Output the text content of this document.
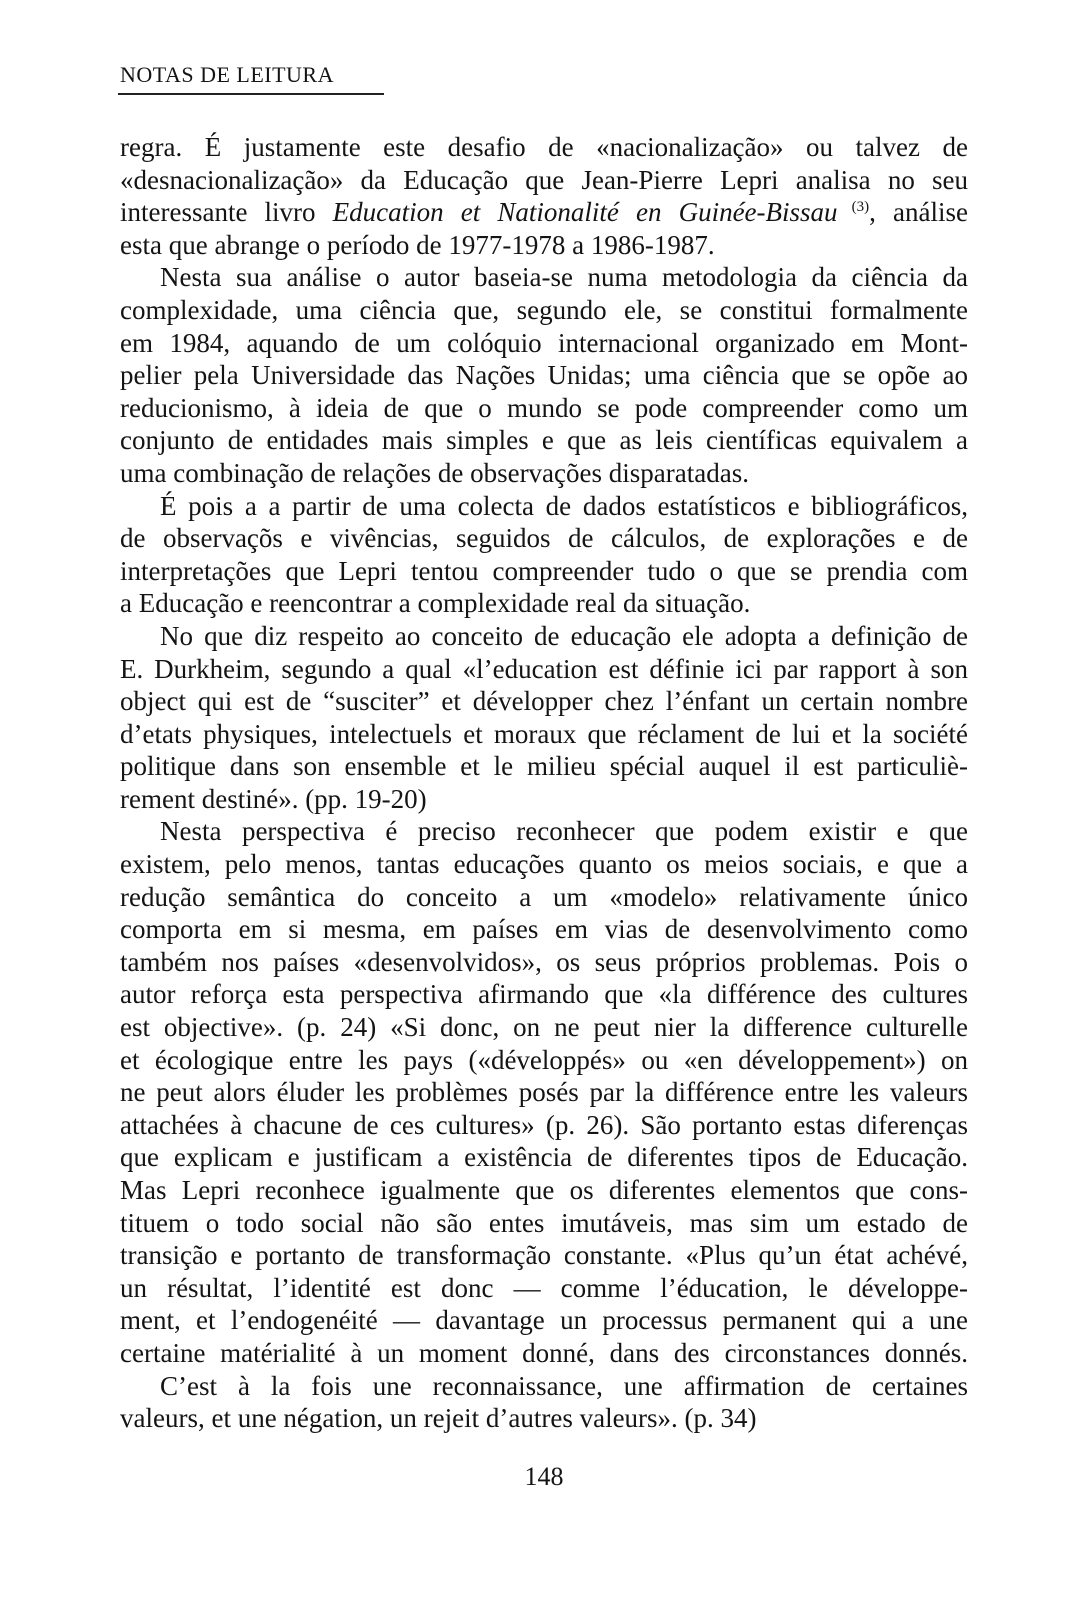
NOTAS DE LEITURA
regra. É justamente este desafio de «nacionalização» ou talvez de
«desnacionalização» da Educação que Jean-Pierre Lepri analisa no seu
interessante livro Education et Nationalité en Guinée-Bissau $^{(3)}$, análise
esta que abrange o período de 1977-1978 a 1986-1987.
Nesta sua análise o autor baseia-se numa metodologia da ciência da
complexidade, uma ciência que, segundo ele, se constitui formalmente
em 1984, aquando de um colóquio internacional organizado em Mont-
pelier pela Universidade das Nações Unidas; uma ciência que se opõe ao
reducionismo, à ideia de que o mundo se pode compreender como um
conjunto de entidades mais simples e que as leis científicas equivalem a
uma combinação de relações de observações disparatadas.
É pois a a partir de uma colecta de dados estatísticos e bibliográficos,
de observaçõs e vivências, seguidos de cálculos, de explorações e de
interpretações que Lepri tentou compreender tudo o que se prendia com
a Educação e reencontrar a complexidade real da situação.
No que diz respeito ao conceito de educação ele adopta a definição de
E. Durkheim, segundo a qual «l’education est définie ici par rapport à son
object qui est de “susciter” et développer chez l’énfant un certain nombre
d’etats physiques, intelectuels et moraux que réclament de lui et la société
politique dans son ensemble et le milieu spécial auquel il est particuliè-
rement destiné». (pp. 19-20)
Nesta perspectiva é preciso reconhecer que podem existir e que
existem, pelo menos, tantas educações quanto os meios sociais, e que a
redução semântica do conceito a um «modelo» relativamente único
comporta em si mesma, em países em vias de desenvolvimento como
também nos países «desenvolvidos», os seus próprios problemas. Pois o
autor reforça esta perspectiva afirmando que «la différence des cultures
est objective». (p. 24) «Si donc, on ne peut nier la difference culturelle
et écologique entre les pays («développés» ou «en développement») on
ne peut alors éluder les problèmes posés par la différence entre les valeurs
attachées à chacune de ces cultures» (p. 26). São portanto estas diferenças
que explicam e justificam a existência de diferentes tipos de Educação.
Mas Lepri reconhece igualmente que os diferentes elementos que cons-
tituem o todo social não são entes imutáveis, mas sim um estado de
transição e portanto de transformação constante. «Plus qu’un état achévé,
un résultat, l’identité est donc — comme l’éducation, le développe-
ment, et l’endogenéité — davantage un processus permanent qui a une
certaine matérialité à un moment donné, dans des circonstances donnés.
C’est à la fois une reconnaissance, une affirmation de certaines
valeurs, et une négation, un rejeit d’autres valeurs». (p. 34)
148
